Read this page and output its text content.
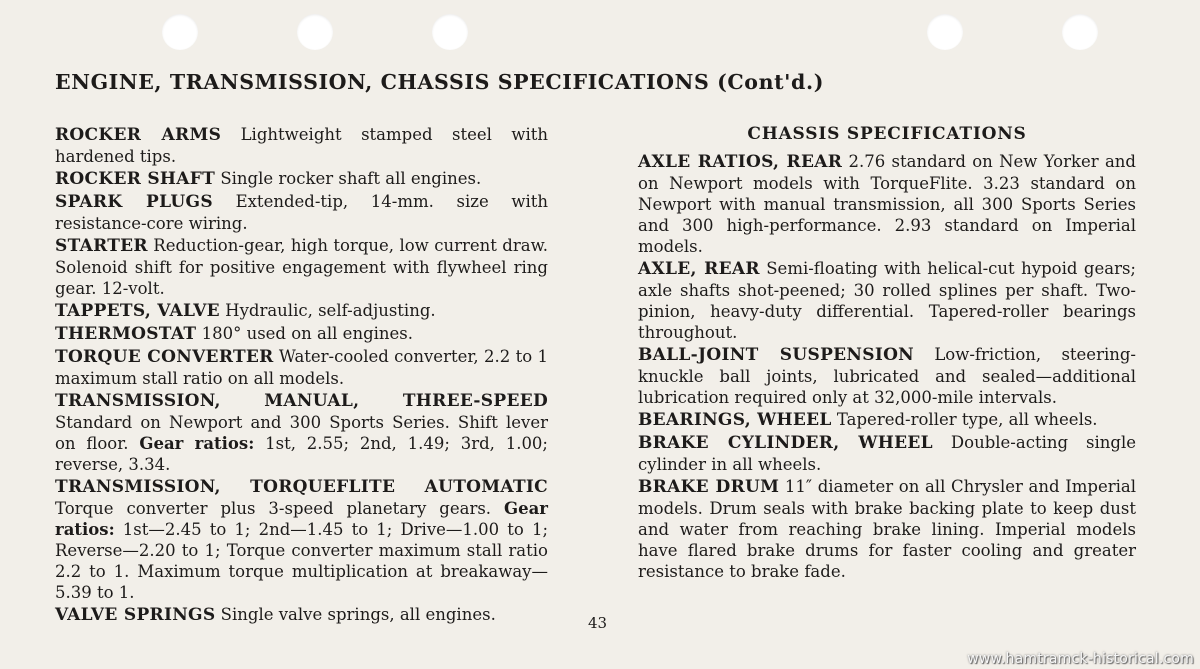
ENGINE, TRANSMISSION, CHASSIS SPECIFICATIONS (Cont'd.)

ROCKER ARMS Lightweight stamped steel with hardened tips.

ROCKER SHAFT Single rocker shaft all engines.

SPARK PLUGS Extended-tip, 14-mm. size with resistance-core wiring.

STARTER Reduction-gear, high torque, low current draw. Solenoid shift for positive engagement with flywheel ring gear. 12-volt.

TAPPETS, VALVE Hydraulic, self-adjusting.

THERMOSTAT 180° used on all engines.

TORQUE CONVERTER Water-cooled converter, 2.2 to 1 maximum stall ratio on all models.

TRANSMISSION, MANUAL, THREE-SPEED Standard on Newport and 300 Sports Series. Shift lever on floor. Gear ratios: 1st, 2.55; 2nd, 1.49; 3rd, 1.00; reverse, 3.34.

TRANSMISSION, TORQUEFLITE AUTOMATIC Torque converter plus 3-speed planetary gears. Gear ratios: 1st—2.45 to 1; 2nd—1.45 to 1; Drive—1.00 to 1; Reverse—2.20 to 1; Torque converter maximum stall ratio 2.2 to 1. Maximum torque multiplication at breakaway—5.39 to 1.

VALVE SPRINGS Single valve springs, all engines.

CHASSIS SPECIFICATIONS

AXLE RATIOS, REAR 2.76 standard on New Yorker and on Newport models with TorqueFlite. 3.23 standard on Newport with manual transmission, all 300 Sports Series and 300 high-performance. 2.93 standard on Imperial models.

AXLE, REAR Semi-floating with helical-cut hypoid gears; axle shafts shot-peened; 30 rolled splines per shaft. Two-pinion, heavy-duty differential. Tapered-roller bearings throughout.

BALL-JOINT SUSPENSION Low-friction, steering-knuckle ball joints, lubricated and sealed—additional lubrication required only at 32,000-mile intervals.

BEARINGS, WHEEL Tapered-roller type, all wheels.

BRAKE CYLINDER, WHEEL Double-acting single cylinder in all wheels.

BRAKE DRUM 11″ diameter on all Chrysler and Imperial models. Drum seals with brake backing plate to keep dust and water from reaching brake lining. Imperial models have flared brake drums for faster cooling and greater resistance to brake fade.

43
www.hamtramck-historical.com
